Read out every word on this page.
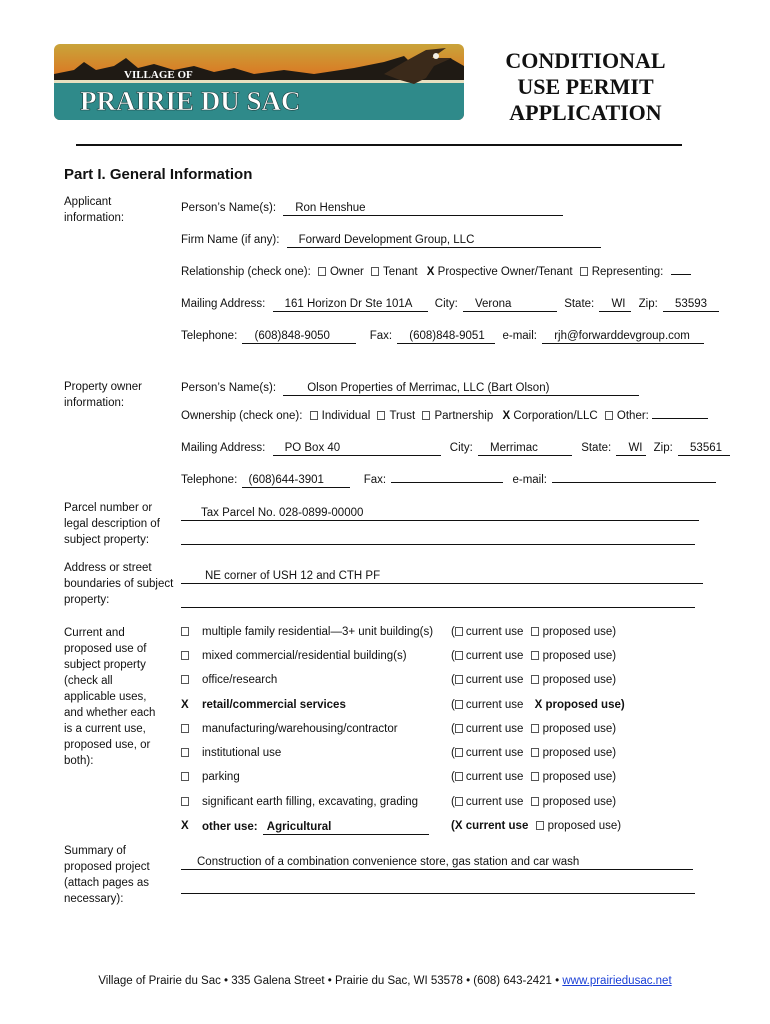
VILLAGE OF
PRAIRIE DU SAC
CONDITIONAL
USE PERMIT
APPLICATION
Part I. General Information
Applicant information:
Person’s Name(s): Ron Henshue
Firm Name (if any): Forward Development Group, LLC
Relationship (check one): Owner Tenant X Prospective Owner/Tenant Representing:
Mailing Address: 161 Horizon Dr Ste 101A City: Verona	State: WI Zip: 53593
Telephone: (608)848-9050	Fax: (608)848-9051 e-mail: rjh@forwarddevgroup.com
Property owner information:
Person’s Name(s):	Olson Properties of Merrimac, LLC (Bart Olson)
Ownership (check one): Individual Trust Partnership X Corporation/LLC Other:
Mailing Address: PO Box 40	City: Merrimac	State: WI Zip: 53561
Telephone: (608)644-3901	Fax:	e-mail:
Parcel number or legal description of subject property:
Tax Parcel No. 028-0899-00000
Address or street boundaries of subject property:
NE corner of USH 12 and CTH PF
Current and proposed use of subject property (check all applicable uses, and whether each is a current use, proposed use, or both):
multiple family residential—3+ unit building(s) ( current use proposed use)
mixed commercial/residential building(s)	( current use proposed use)
office/research	( current use proposed use)
X	retail/commercial services	( current use X proposed use)
manufacturing/warehousing/contractor	( current use proposed use)
institutional use	( current use proposed use)
parking	( current use proposed use)
significant earth filling, excavating, grading	( current use proposed use)
X	other use: Agricultural	(X current use proposed use)
Summary of proposed project (attach pages as necessary):
Construction of a combination convenience store, gas station and car wash
Village of Prairie du Sac • 335 Galena Street • Prairie du Sac, WI 53578 • (608) 643-2421 • www.prairiedusac.net
